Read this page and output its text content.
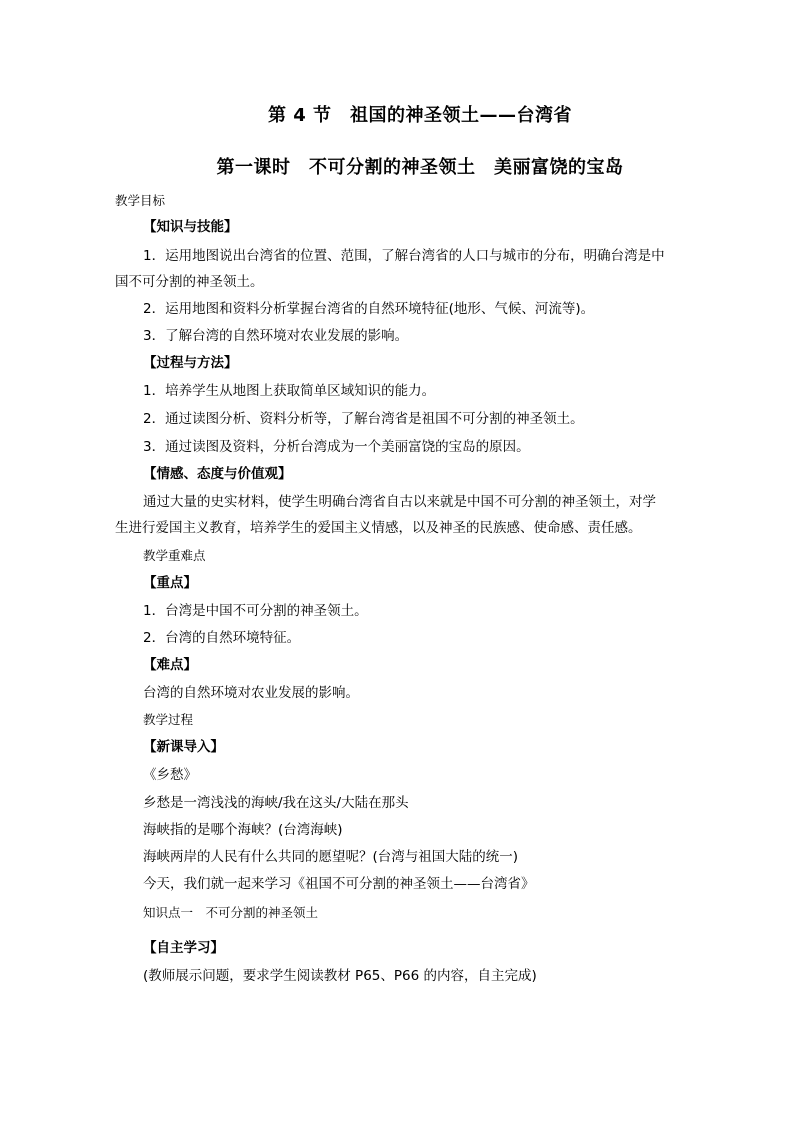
第 4 节　祖国的神圣领土——台湾省
第一课时　不可分割的神圣领土　美丽富饶的宝岛
教学目标
【知识与技能】
1．运用地图说出台湾省的位置、范围，了解台湾省的人口与城市的分布，明确台湾是中
国不可分割的神圣领土。
2．运用地图和资料分析掌握台湾省的自然环境特征(地形、气候、河流等)。
3．了解台湾的自然环境对农业发展的影响。
【过程与方法】
1．培养学生从地图上获取简单区域知识的能力。
2．通过读图分析、资料分析等，了解台湾省是祖国不可分割的神圣领土。
3．通过读图及资料，分析台湾成为一个美丽富饶的宝岛的原因。
【情感、态度与价值观】
通过大量的史实材料，使学生明确台湾省自古以来就是中国不可分割的神圣领土，对学
生进行爱国主义教育，培养学生的爱国主义情感，以及神圣的民族感、使命感、责任感。
教学重难点
【重点】
1．台湾是中国不可分割的神圣领土。
2．台湾的自然环境特征。
【难点】
台湾的自然环境对农业发展的影响。
教学过程
【新课导入】
《乡愁》
乡愁是一湾浅浅的海峡/我在这头/大陆在那头
海峡指的是哪个海峡？(台湾海峡)
海峡两岸的人民有什么共同的愿望呢？(台湾与祖国大陆的统一)
今天，我们就一起来学习《祖国不可分割的神圣领土——台湾省》
知识点一　不可分割的神圣领土
【自主学习】
(教师展示问题，要求学生阅读教材 P65、P66 的内容，自主完成)
